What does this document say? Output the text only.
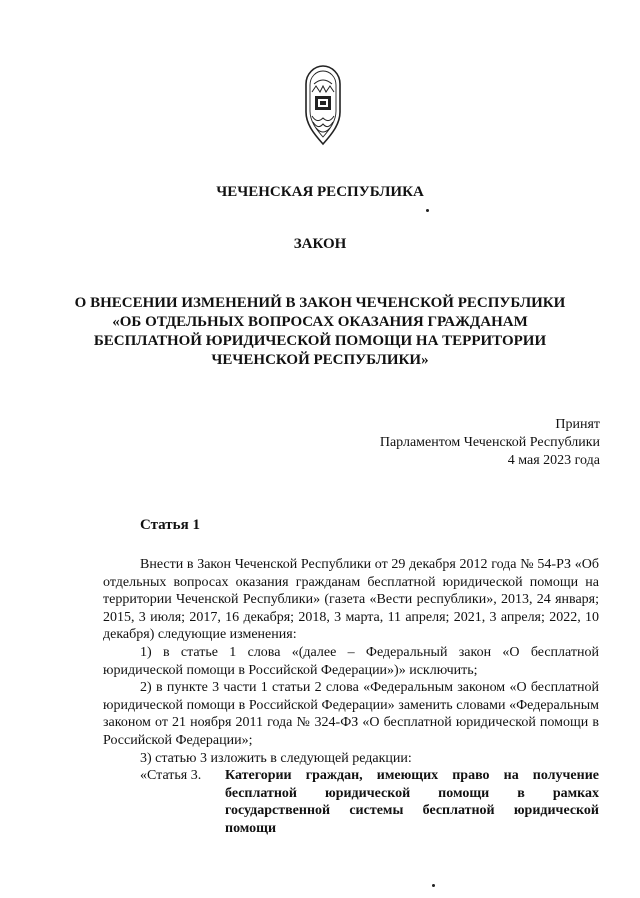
ЧЕЧЕНСКАЯ РЕСПУБЛИКА
ЗАКОН
О ВНЕСЕНИИ ИЗМЕНЕНИЙ В ЗАКОН ЧЕЧЕНСКОЙ РЕСПУБЛИКИ
«ОБ ОТДЕЛЬНЫХ ВОПРОСАХ ОКАЗАНИЯ ГРАЖДАНАМ
БЕСПЛАТНОЙ ЮРИДИЧЕСКОЙ ПОМОЩИ НА ТЕРРИТОРИИ
ЧЕЧЕНСКОЙ РЕСПУБЛИКИ»
Принят
Парламентом Чеченской Республики
4 мая 2023 года
Статья 1

Внести в Закон Чеченской Республики от 29 декабря 2012 года № 54-РЗ «Об отдельных вопросах оказания гражданам бесплатной юридической помощи на территории Чеченской Республики» (газета «Вести республики», 2013, 24 января; 2015, 3 июля; 2017, 16 декабря; 2018, 3 марта, 11 апреля; 2021, 3 апреля; 2022, 10 декабря) следующие изменения:

1) в статье 1 слова «(далее – Федеральный закон «О бесплатной юридической помощи в Российской Федерации»)» исключить;

2) в пункте 3 части 1 статьи 2 слова «Федеральным законом «О бесплатной юридической помощи в Российской Федерации» заменить словами «Федеральным законом от 21 ноября 2011 года № 324-ФЗ «О бесплатной юридической помощи в Российской Федерации»;

3) статью 3 изложить в следующей редакции:

«Статья 3.	Категории граждан, имеющих право на получение бесплатной юридической помощи в рамках государственной системы бесплатной юридической помощи
